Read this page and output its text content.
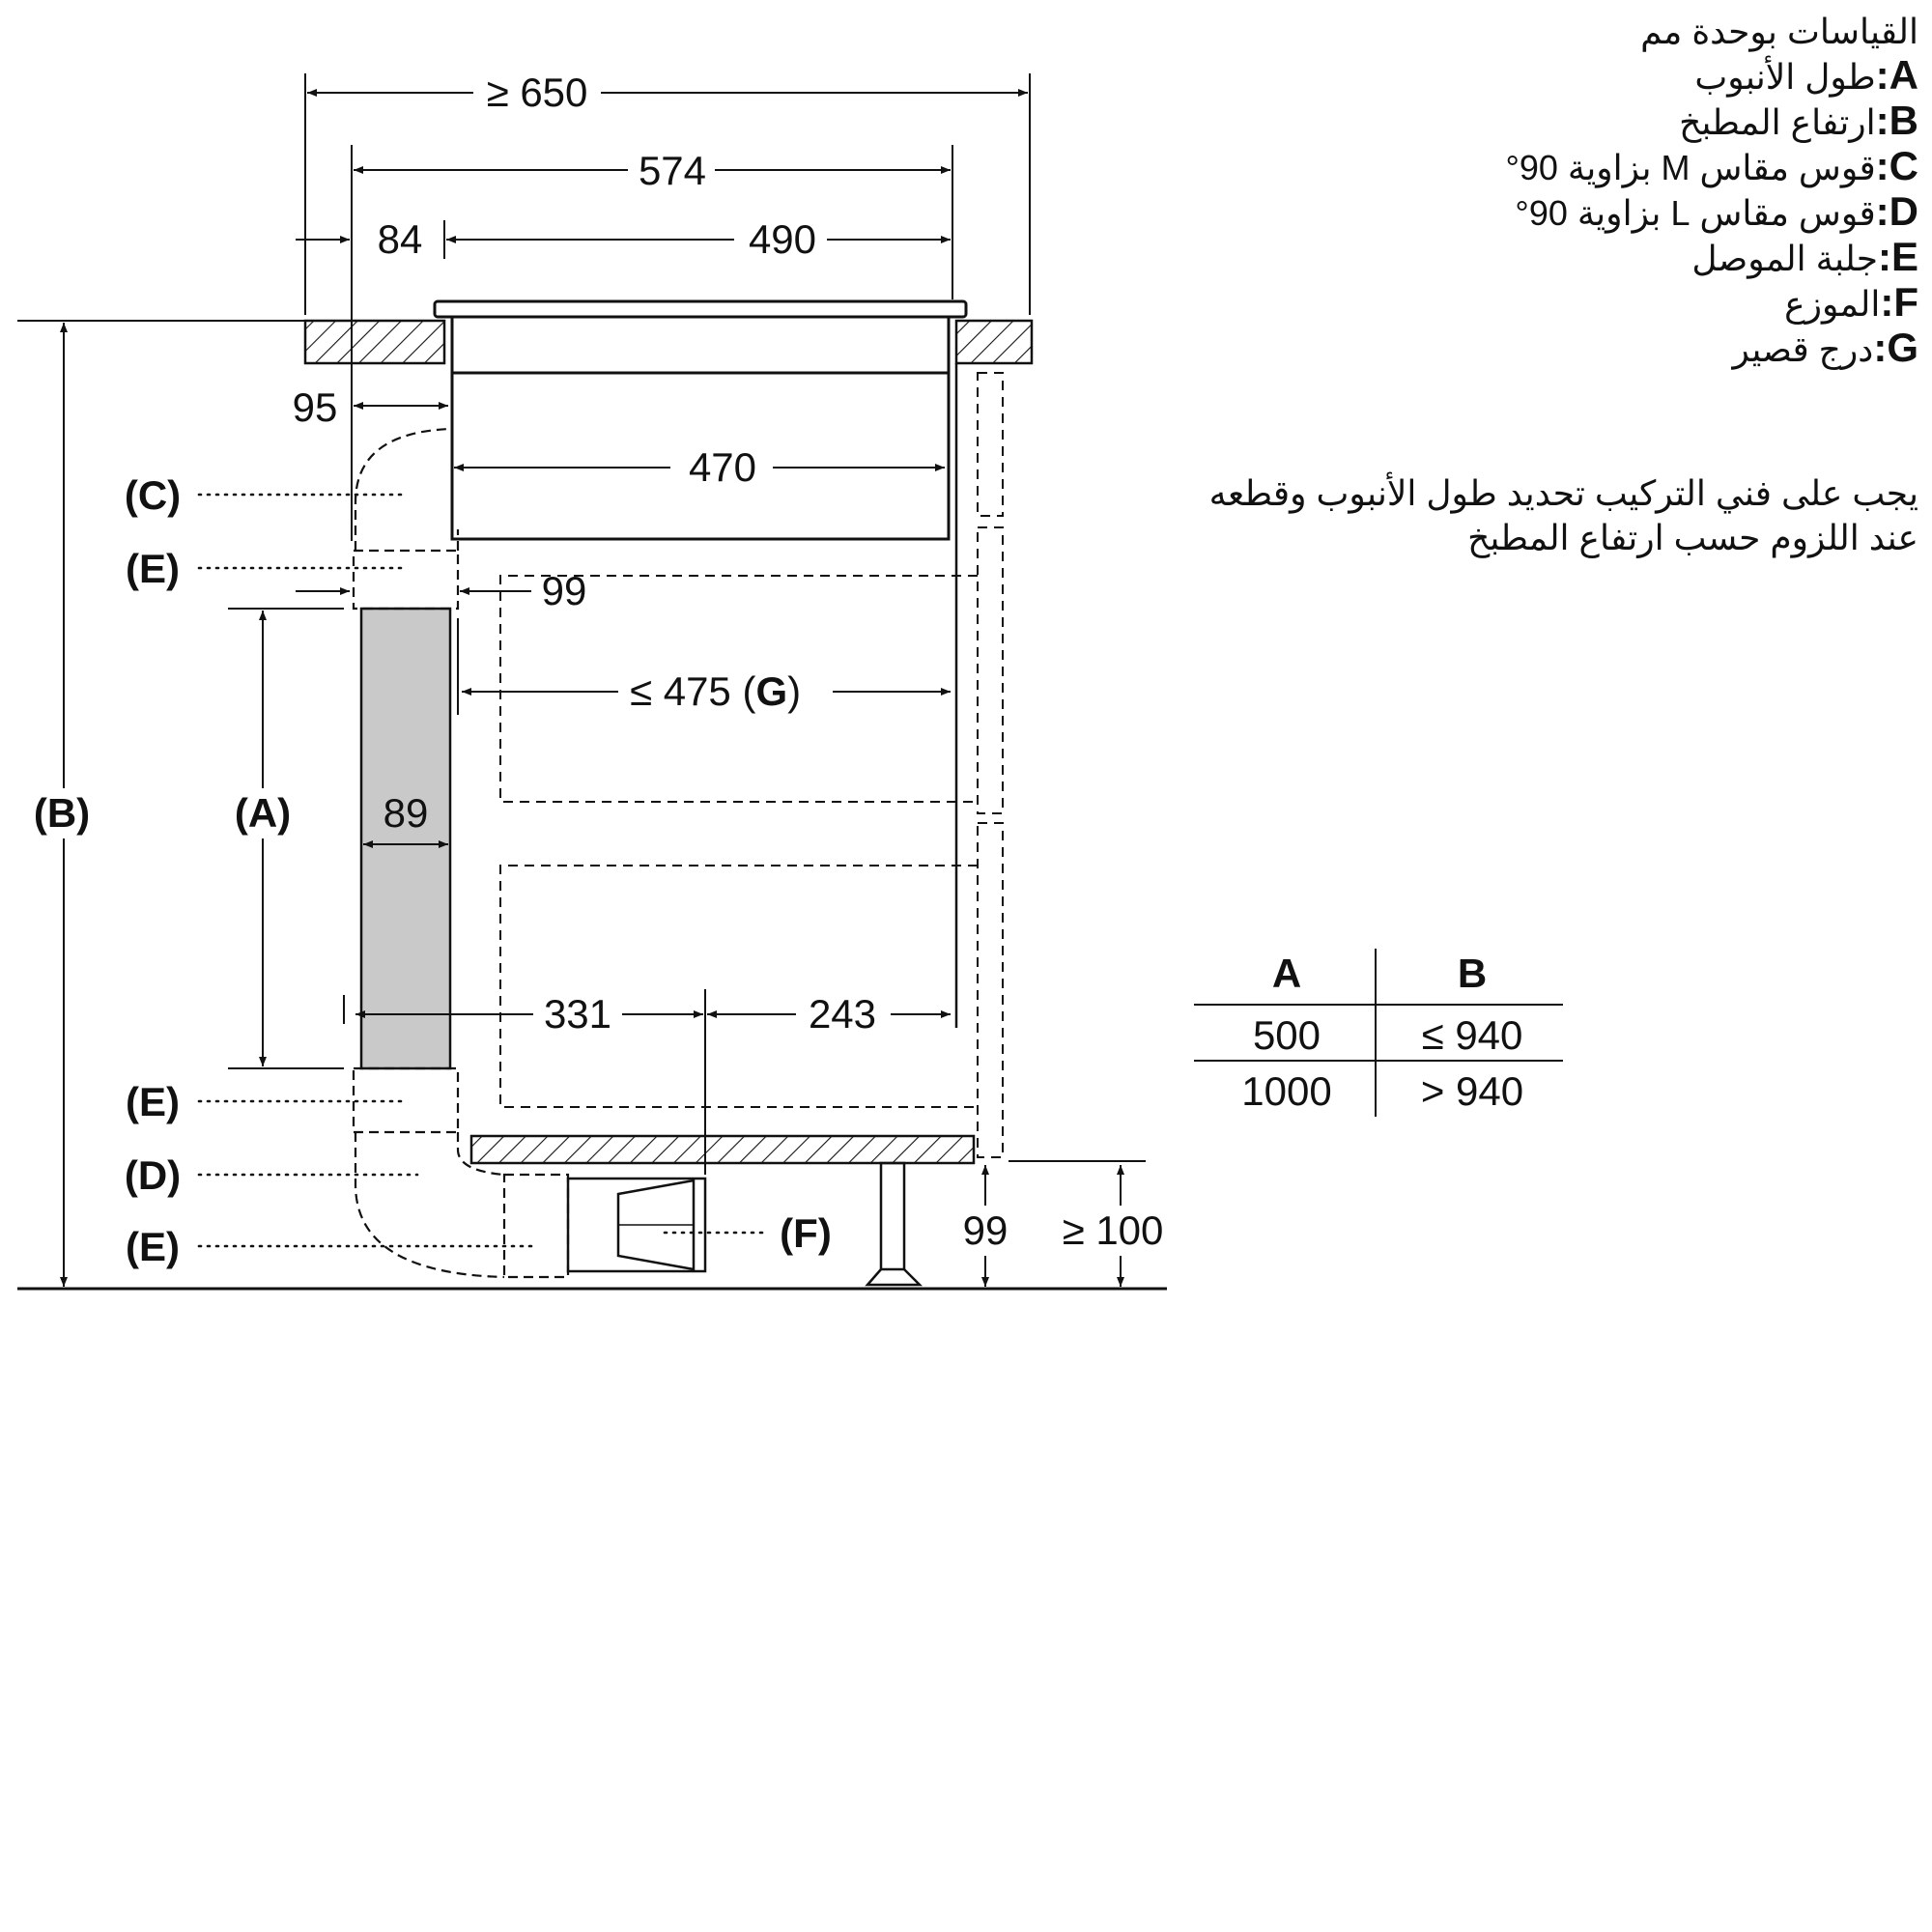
≥ 650
574
84	490
95
470
99
≤ 475 (G)
89
331	243
99 ≥ 100
(C)
(E)
(B)	(A)
(E)
(D)
(E)	(F)
A	B
500 ≤ 940
1000 > 940
القياسات بوحدة مم
A:طول الأنبوب
B:ارتفاع المطبخ
C:قوس مقاس M بزاوية 90°
D:قوس مقاس L بزاوية 90°
E:جلبة الموصل
F:الموزع
G:درج قصير
يجب على فني التركيب تحديد طول الأنبوب وقطعه
عند اللزوم حسب ارتفاع المطبخ
